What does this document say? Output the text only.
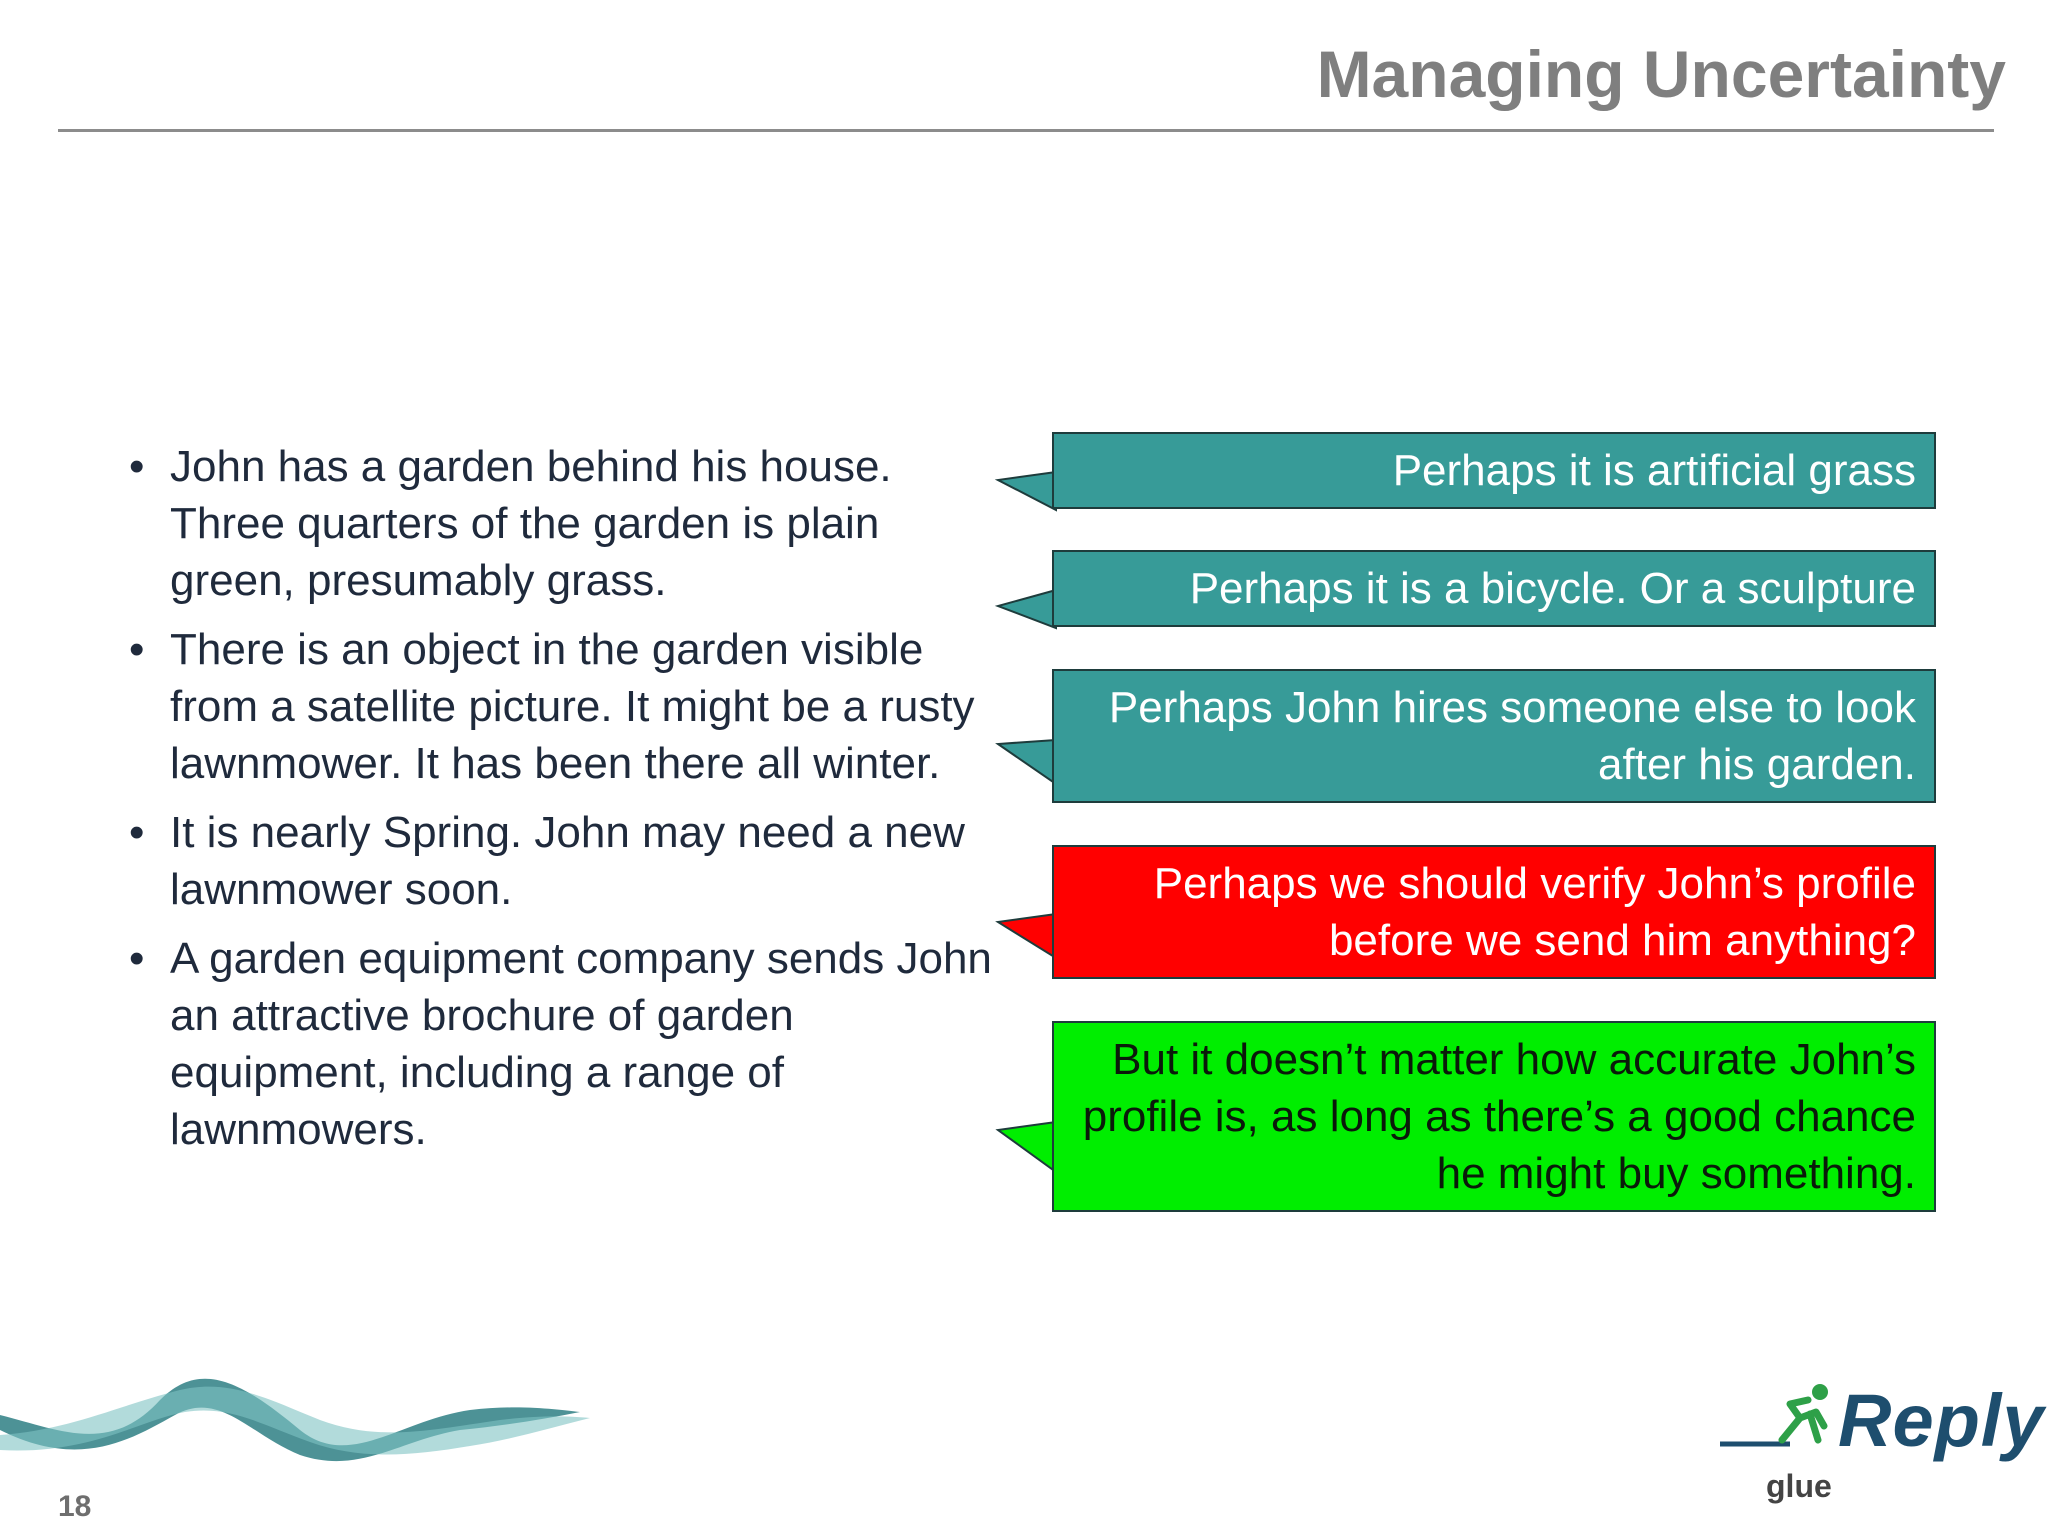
Managing Uncertainty
• John has a garden behind his house. Three quarters of the garden is plain green, presumably grass.
• There is an object in the garden visible from a satellite picture. It might be a rusty lawnmower. It has been there all winter.
• It is nearly Spring. John may need a new lawnmower soon.
• A garden equipment company sends John an attractive brochure of garden equipment, including a range of lawnmowers.
Perhaps it is artificial grass
Perhaps it is a bicycle. Or a sculpture
Perhaps John hires someone else to look after his garden.
Perhaps we should verify John’s profile before we send him anything?
But it doesn’t matter how accurate John’s profile is, as long as there’s a good chance he might buy something.
18
Reply
glue
